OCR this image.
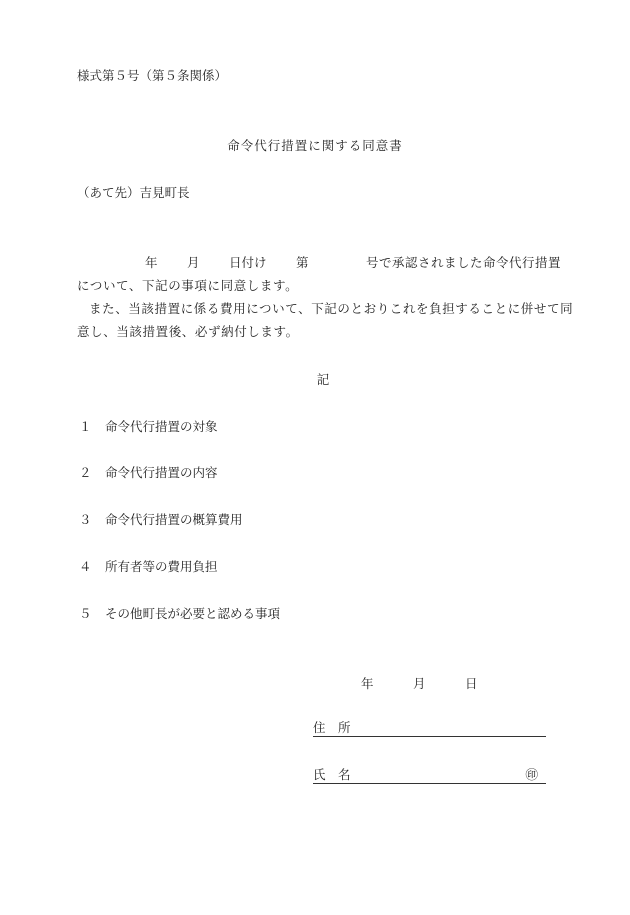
様式第５号（第５条関係）
命令代行措置に関する同意書
（あて先）吉見町長
年 月 日付け 第	号で承認されました命令代行措置
について、下記の事項に同意します。
また、当該措置に係る費用について、下記のとおりこれを負担することに併せて同意し、当該措置後、必ず納付します。
記
１ 命令代行措置の対象
２ 命令代行措置の内容
３ 命令代行措置の概算費用
４ 所有者等の費用負担
５ その他町長が必要と認める事項
年	月	日
住　所
氏　名	㊞
